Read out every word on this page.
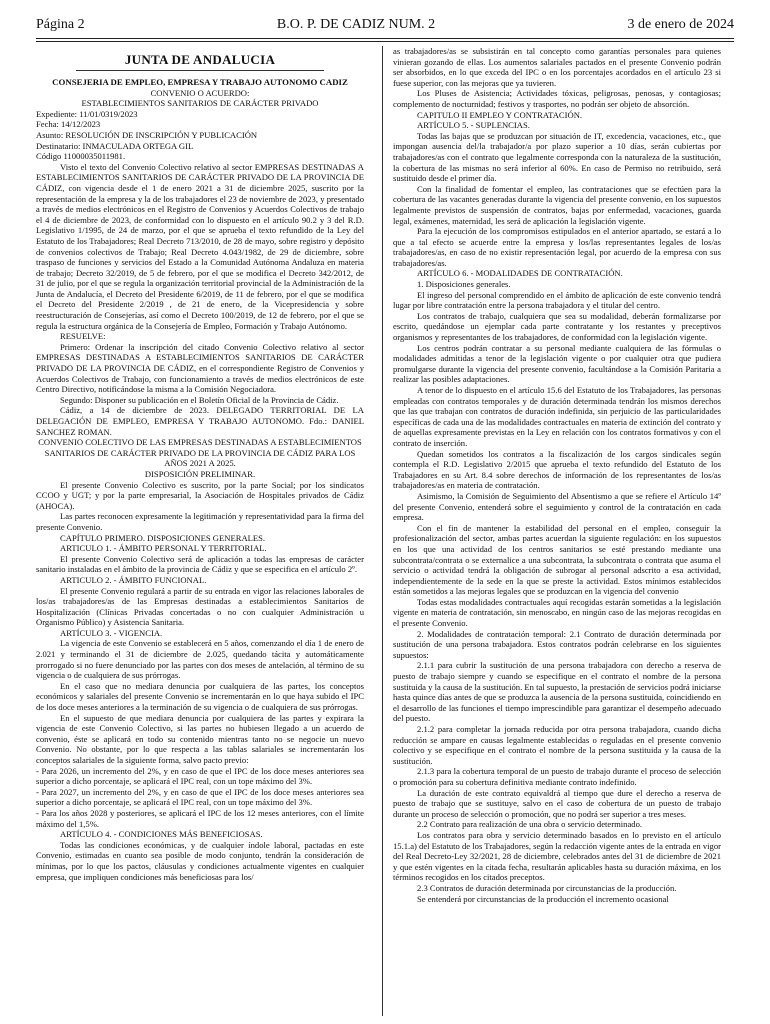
Página 2	B.O. P. DE CADIZ NUM. 2	3 de enero de 2024
JUNTA DE ANDALUCIA
CONSEJERIA DE EMPLEO, EMPRESA Y TRABAJO AUTONOMO CADIZ

CONVENIO O ACUERDO:

ESTABLECIMIENTOS SANITARIOS DE CARÁCTER PRIVADO

Expediente: 11/01/0319/2023
Fecha: 14/12/2023
Asunto: RESOLUCIÓN DE INSCRIPCIÓN Y PUBLICACIÓN
Destinatario: INMACULADA ORTEGA GIL
Código 11000035011981.

Visto el texto del Convenio Colectivo relativo al sector EMPRESAS DESTINADAS A ESTABLECIMIENTOS SANITARIOS DE CARÁCTER PRIVADO DE LA PROVINCIA DE CÁDIZ, con vigencia desde el 1 de enero 2021 a 31 de diciembre 2025, suscrito por la representación de la empresa y la de los trabajadores el 23 de noviembre de 2023, y presentado a través de medios electrónicos en el Registro de Convenios y Acuerdos Colectivos de trabajo el 4 de diciembre de 2023, de conformidad con lo dispuesto en el artículo 90.2 y 3 del R.D. Legislativo 1/1995, de 24 de marzo, por el que se aprueba el texto refundido de la Ley del Estatuto de los Trabajadores; Real Decreto 713/2010, de 28 de mayo, sobre registro y depósito de convenios colectivos de Trabajo; Real Decreto 4.043/1982, de 29 de diciembre, sobre traspaso de funciones y servicios del Estado a la Comunidad Autónoma Andaluza en materia de trabajo; Decreto 32/2019, de 5 de febrero, por el que se modifica el Decreto 342/2012, de 31 de julio, por el que se regula la organización territorial provincial de la Administración de la Junta de Andalucía, el Decreto del Presidente 6/2019, de 11 de febrero, por el que se modifica el Decreto del Presidente 2/2019 , de 21 de enero, de la Vicepresidencia y sobre reestructuración de Consejerías, así como el Decreto 100/2019, de 12 de febrero, por el que se regula la estructura orgánica de la Consejería de Empleo, Formación y Trabajo Autónomo.

RESUELVE:

Primero: Ordenar la inscripción del citado Convenio Colectivo relativo al sector EMPRESAS DESTINADAS A ESTABLECIMIENTOS SANITARIOS DE CARÁCTER PRIVADO DE LA PROVINCIA DE CÁDIZ, en el correspondiente Registro de Convenios y Acuerdos Colectivos de Trabajo, con funcionamiento a través de medios electrónicos de este Centro Directivo, notificándose la misma a la Comisión Negociadora.

Segundo: Disponer su publicación en el Boletín Oficial de la Provincia de Cádiz.

Cádiz, a 14 de diciembre de 2023. DELEGADO TERRITORIAL DE LA DELEGACIÓN DE EMPLEO, EMPRESA Y TRABAJO AUTONOMO. Fdo.: DANIEL SANCHEZ ROMAN.

CONVENIO COLECTIVO DE LAS EMPRESAS DESTINADAS A ESTABLECIMIENTOS SANITARIOS DE CARÁCTER PRIVADO DE LA PROVINCIA DE CÁDIZ PARA LOS AÑOS 2021 A 2025.

DISPOSICIÓN PRELIMINAR.

El presente Convenio Colectivo es suscrito, por la parte Social; por los sindicatos CCOO y UGT; y por la parte empresarial, la Asociación de Hospitales privados de Cádiz (AHOCA).

Las partes reconocen expresamente la legitimación y representatividad para la firma del presente Convenio.

CAPÍTULO PRIMERO. DISPOSICIONES GENERALES.

ARTICULO 1. - ÁMBITO PERSONAL Y TERRITORIAL.

El presente Convenio Colectivo será de aplicación a todas las empresas de carácter sanitario instaladas en el ámbito de la provincia de Cádiz y que se especifica en el artículo 2º.

ARTICULO 2. - ÁMBITO FUNCIONAL.

El presente Convenio regulará a partir de su entrada en vigor las relaciones laborales de los/as trabajadores/as de las Empresas destinadas a establecimientos Sanitarios de Hospitalización (Clínicas Privadas concertadas o no con cualquier Administración u Organismo Público) y Asistencia Sanitaria.

ARTÍCULO 3. - VIGENCIA.

La vigencia de este Convenio se establecerá en 5 años, comenzando el día 1 de enero de 2.021 y terminando el 31 de diciembre de 2.025, quedando tácita y automáticamente prorrogado si no fuere denunciado por las partes con dos meses de antelación, al término de su vigencia o de cualquiera de sus prórrogas.

En el caso que no mediara denuncia por cualquiera de las partes, los conceptos económicos y salariales del presente Convenio se incrementarán en lo que haya subido el IPC de los doce meses anteriores a la terminación de su vigencia o de cualquiera de sus prórrogas.

En el supuesto de que mediara denuncia por cualquiera de las partes y expirara la vigencia de este Convenio Colectivo, si las partes no hubiesen llegado a un acuerdo de convenio, éste se aplicará en todo su contenido mientras tanto no se negocie un nuevo Convenio. No obstante, por lo que respecta a las tablas salariales se incrementarán los conceptos salariales de la siguiente forma, salvo pacto previo:

- Para 2026, un incremento del 2%, y en caso de que el IPC de los doce meses anteriores sea superior a dicho porcentaje, se aplicará el IPC real, con un tope máximo del 3%.

- Para 2027, un incremento del 2%, y en caso de que el IPC de los doce meses anteriores sea superior a dicho porcentaje, se aplicará el IPC real, con un tope máximo del 3%.

- Para los años 2028 y posteriores, se aplicará el IPC de los 12 meses anteriores, con el límite máximo del 1,5%.

ARTÍCULO 4. - CONDICIONES MÁS BENEFICIOSAS.

Todas las condiciones económicas, y de cualquier índole laboral, pactadas en este Convenio, estimadas en cuanto sea posible de modo conjunto, tendrán la consideración de mínimas, por lo que los pactos, cláusulas y condiciones actualmente vigentes en cualquier empresa, que impliquen condiciones más beneficiosas para los/

as trabajadores/as se subsistirán en tal concepto como garantías personales para quienes vinieran gozando de ellas. Los aumentos salariales pactados en el presente Convenio podrán ser absorbidos, en lo que exceda del IPC o en los porcentajes acordados en el artículo 23 si fuese superior, con las mejoras que ya tuvieren.

Los Pluses de Asistencia; Actividades tóxicas, peligrosas, penosas, y contagiosas; complemento de nocturnidad; festivos y trasportes, no podrán ser objeto de absorción.

CAPITULO II EMPLEO Y CONTRATACIÓN.

ARTÍCULO 5. - SUPLENCIAS.

Todas las bajas que se produzcan por situación de IT, excedencia, vacaciones, etc., que impongan ausencia del/la trabajador/a por plazo superior a 10 días, serán cubiertas por trabajadores/as con el contrato que legalmente corresponda con la naturaleza de la sustitución, la cobertura de las mismas no será inferior al 60%. En caso de Permiso no retribuido, será sustituido desde el primer día.

Con la finalidad de fomentar el empleo, las contrataciones que se efectúen para la cobertura de las vacantes generadas durante la vigencia del presente convenio, en los supuestos legalmente previstos de suspensión de contratos, bajas por enfermedad, vacaciones, guarda legal, exámenes, maternidad, les será de aplicación la legislación vigente.

Para la ejecución de los compromisos estipulados en el anterior apartado, se estará a lo que a tal efecto se acuerde entre la empresa y los/las representantes legales de los/as trabajadores/as, en caso de no existir representación legal, por acuerdo de la empresa con sus trabajadores/as.

ARTÍCULO 6. - MODALIDADES DE CONTRATACIÓN.

1. Disposiciones generales.

El ingreso del personal comprendido en el ámbito de aplicación de este convenio tendrá lugar por libre contratación entre la persona trabajadora y el titular del centro.

Los contratos de trabajo, cualquiera que sea su modalidad, deberán formalizarse por escrito, quedándose un ejemplar cada parte contratante y los restantes y preceptivos organismos y representantes de los trabajadores, de conformidad con la legislación vigente.

Los centros podrán contratar a su personal mediante cualquiera de las fórmulas o modalidades admitidas a tenor de la legislación vigente o por cualquier otra que pudiera promulgarse durante la vigencia del presente convenio, facultándose a la Comisión Paritaria a realizar las posibles adaptaciones.

A tenor de lo dispuesto en el artículo 15.6 del Estatuto de los Trabajadores, las personas empleadas con contratos temporales y de duración determinada tendrán los mismos derechos que las que trabajan con contratos de duración indefinida, sin perjuicio de las particularidades específicas de cada una de las modalidades contractuales en materia de extinción del contrato y de aquellas expresamente previstas en la Ley en relación con los contratos formativos y con el contrato de inserción.

Quedan sometidos los contratos a la fiscalización de los cargos sindicales según contempla el R.D. Legislativo 2/2015 que aprueba el texto refundido del Estatuto de los Trabajadores en su Art. 8.4 sobre derechos de información de los representantes de los/as trabajadores/as en materia de contratación.

Asimismo, la Comisión de Seguimiento del Absentismo a que se refiere el Artículo 14º del presente Convenio, entenderá sobre el seguimiento y control de la contratación en cada empresa.

Con el fin de mantener la estabilidad del personal en el empleo, conseguir la profesionalización del sector, ambas partes acuerdan la siguiente regulación: en los supuestos en los que una actividad de los centros sanitarios se esté prestando mediante una subcontrata/contrata o se externalice a una subcontrata, la subcontrata o contrata que asuma el servicio o actividad tendrá la obligación de subrogar al personal adscrito a esa actividad, independientemente de la sede en la que se preste la actividad. Estos mínimos establecidos están sometidos a las mejoras legales que se produzcan en la vigencia del convenio

Todas estas modalidades contractuales aquí recogidas estarán sometidas a la legislación vigente en materia de contratación, sin menoscabo, en ningún caso de las mejoras recogidas en el presente Convenio.

2. Modalidades de contratación temporal: 2.1 Contrato de duración determinada por sustitución de una persona trabajadora. Estos contratos podrán celebrarse en los siguientes supuestos:

2.1.1 para cubrir la sustitución de una persona trabajadora con derecho a reserva de puesto de trabajo siempre y cuando se especifique en el contrato el nombre de la persona sustituida y la causa de la sustitución. En tal supuesto, la prestación de servicios podrá iniciarse hasta quince días antes de que se produzca la ausencia de la persona sustituida, coincidiendo en el desarrollo de las funciones el tiempo imprescindible para garantizar el desempeño adecuado del puesto.

2.1.2 para completar la jornada reducida por otra persona trabajadora, cuando dicha reducción se ampare en causas legalmente establecidas o reguladas en el presente convenio colectivo y se especifique en el contrato el nombre de la persona sustituida y la causa de la sustitución.

2.1.3 para la cobertura temporal de un puesto de trabajo durante el proceso de selección o promoción para su cobertura definitiva mediante contrato indefinido.

La duración de este contrato equivaldrá al tiempo que dure el derecho a reserva de puesto de trabajo que se sustituye, salvo en el caso de cobertura de un puesto de trabajo durante un proceso de selección o promoción, que no podrá ser superior a tres meses.

2.2 Contrato para realización de una obra o servicio determinado.

Los contratos para obra y servicio determinado basados en lo previsto en el artículo 15.1.a) del Estatuto de los Trabajadores, según la redacción vigente antes de la entrada en vigor del Real Decreto-Ley 32/2021, 28 de diciembre, celebrados antes del 31 de diciembre de 2021 y que estén vigentes en la citada fecha, resultarán aplicables hasta su duración máxima, en los términos recogidos en los citados preceptos.

2.3 Contratos de duración determinada por circunstancias de la producción.

Se entenderá por circunstancias de la producción el incremento ocasional
